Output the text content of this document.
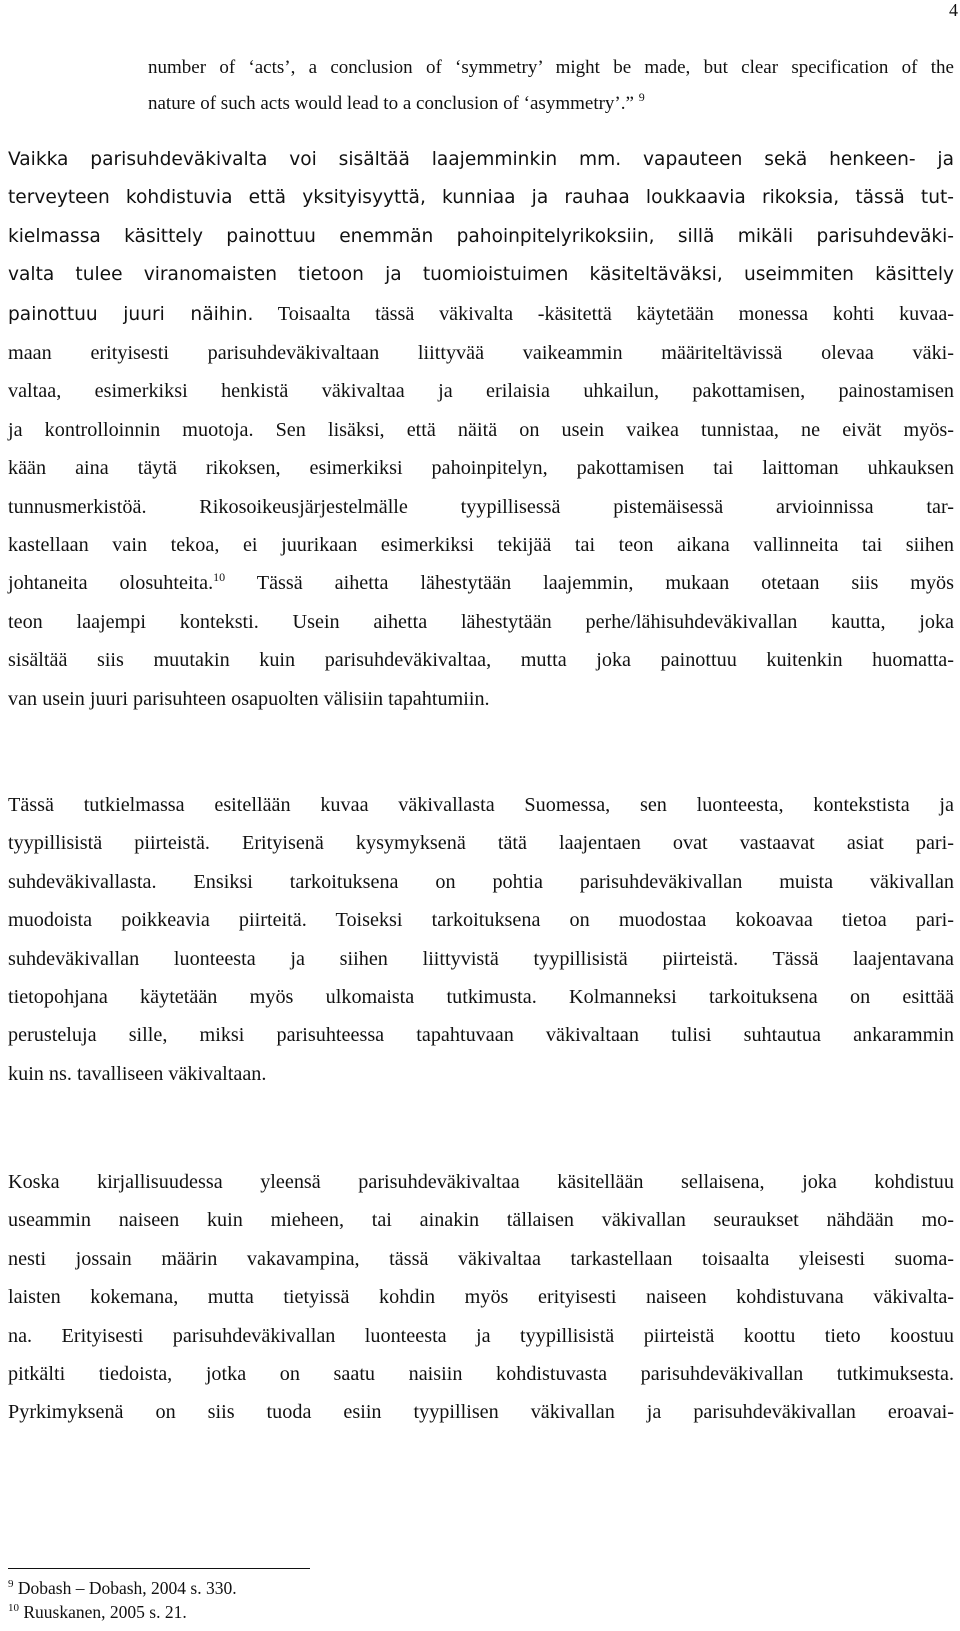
4
number of ‘acts’, a conclusion of ‘symmetry’ might be made, but clear specification of the
nature of such acts would lead to a conclusion of ‘asymmetry’.” $^9$
Vaikka parisuhdeväkivalta voi sisältää laajemminkin mm. vapauteen sekä henkeen- ja
terveyteen kohdistuvia että yksityisyyttä, kunniaa ja rauhaa loukkaavia rikoksia, tässä tut-
kielmassa käsittely painottuu enemmän pahoinpitelyrikoksiin, sillä mikäli parisuhdeväki-
valta tulee viranomaisten tietoon ja tuomioistuimen käsiteltäväksi, useimmiten käsittely
painottuu juuri näihin. Toisaalta tässä väkivalta -käsitettä käytetään monessa kohti kuvaa-
maan erityisesti parisuhdeväkivaltaan liittyvää vaikeammin määriteltävissä olevaa väki-
valtaa, esimerkiksi henkistä väkivaltaa ja erilaisia uhkailun, pakottamisen, painostamisen
ja kontrolloinnin muotoja. Sen lisäksi, että näitä on usein vaikea tunnistaa, ne eivät myös-
kään aina täytä rikoksen, esimerkiksi pahoinpitelyn, pakottamisen tai laittoman uhkauksen
tunnusmerkistöä. Rikosoikeusjärjestelmälle tyypillisessä pistemäisessä arvioinnissa tar-
kastellaan vain tekoa, ei juurikaan esimerkiksi tekijää tai teon aikana vallinneita tai siihen
johtaneita olosuhteita.$^{10}$ Tässä aihetta lähestytään laajemmin, mukaan otetaan siis myös
teon laajempi konteksti. Usein aihetta lähestytään perhe/lähisuhdeväkivallan kautta, joka
sisältää siis muutakin kuin parisuhdeväkivaltaa, mutta joka painottuu kuitenkin huomatta-
van usein juuri parisuhteen osapuolten välisiin tapahtumiin.
Tässä tutkielmassa esitellään kuvaa väkivallasta Suomessa, sen luonteesta, kontekstista ja
tyypillisistä piirteistä. Erityisenä kysymyksenä tätä laajentaen ovat vastaavat asiat pari-
suhdeväkivallasta. Ensiksi tarkoituksena on pohtia parisuhdeväkivallan muista väkivallan
muodoista poikkeavia piirteitä. Toiseksi tarkoituksena on muodostaa kokoavaa tietoa pari-
suhdeväkivallan luonteesta ja siihen liittyvistä tyypillisistä piirteistä. Tässä laajentavana
tietopohjana käytetään myös ulkomaista tutkimusta. Kolmanneksi tarkoituksena on esittää
perusteluja sille, miksi parisuhteessa tapahtuvaan väkivaltaan tulisi suhtautua ankarammin
kuin ns. tavalliseen väkivaltaan.
Koska kirjallisuudessa yleensä parisuhdeväkivaltaa käsitellään sellaisena, joka kohdistuu
useammin naiseen kuin mieheen, tai ainakin tällaisen väkivallan seuraukset nähdään mo-
nesti jossain määrin vakavampina, tässä väkivaltaa tarkastellaan toisaalta yleisesti suoma-
laisten kokemana, mutta tietyissä kohdin myös erityisesti naiseen kohdistuvana väkivalta-
na. Erityisesti parisuhdeväkivallan luonteesta ja tyypillisistä piirteistä koottu tieto koostuu
pitkälti tiedoista, jotka on saatu naisiin kohdistuvasta parisuhdeväkivallan tutkimuksesta.
Pyrkimyksenä on siis tuoda esiin tyypillisen väkivallan ja parisuhdeväkivallan eroavai-
$^9$ Dobash – Dobash, 2004 s. 330.
$^{10}$ Ruuskanen, 2005 s. 21.
